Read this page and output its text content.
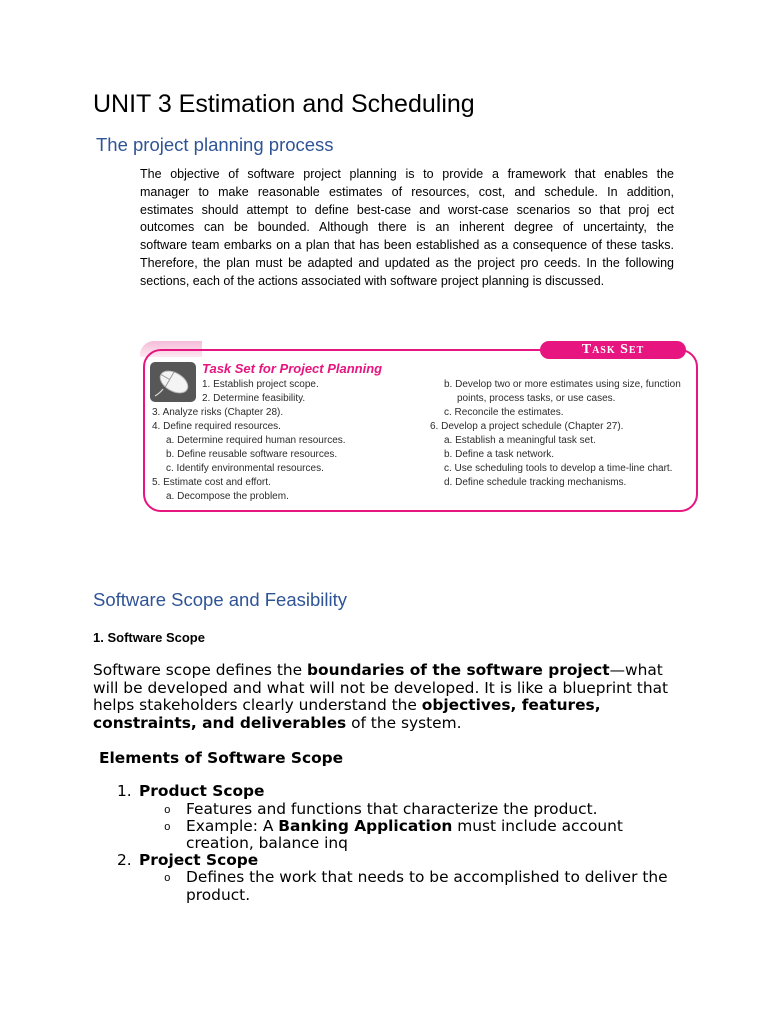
UNIT 3 Estimation and Scheduling
The project planning process
The objective of software project planning is to provide a framework that enables the
manager to make reasonable estimates of resources, cost, and schedule. In addition,
estimates should attempt to define best-case and worst-case scenarios so that proj ect
outcomes can be bounded. Although there is an inherent degree of uncertainty, the
software team embarks on a plan that has been established as a consequence of these tasks.
Therefore, the plan must be adapted and updated as the project pro ceeds. In the following
sections, each of the actions associated with software project planning is discussed.
Task Set
Task Set for Project Planning
1. Establish project scope.
2. Determine feasibility.
3. Analyze risks (Chapter 28).
4. Define required resources.
a. Determine required human resources.
b. Define reusable software resources.
c. Identify environmental resources.
5. Estimate cost and effort.
a. Decompose the problem.
b. Develop two or more estimates using size, function
points, process tasks, or use cases.
c. Reconcile the estimates.
6. Develop a project schedule (Chapter 27).
a. Establish a meaningful task set.
b. Define a task network.
c. Use scheduling tools to develop a time-line chart.
d. Define schedule tracking mechanisms.
Software Scope and Feasibility
1. Software Scope
Software scope defines the boundaries of the software project—what
will be developed and what will not be developed. It is like a blueprint that
helps stakeholders clearly understand the objectives, features,
constraints, and deliverables of the system.
Elements of Software Scope
1. Product Scope
o Features and functions that characterize the product.
o Example: A Banking Application must include account
creation, balance inq
2. Project Scope
o Defines the work that needs to be accomplished to deliver the
product.
